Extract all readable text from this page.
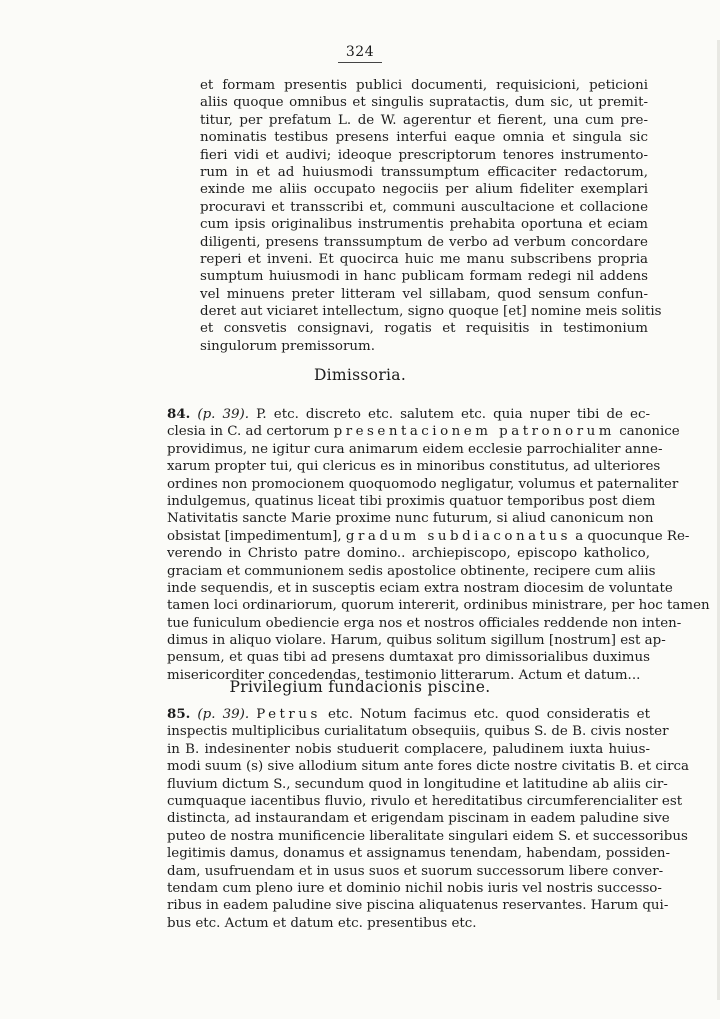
324
et formam presentis publici documenti, requisicioni, peticioni
aliis quoque omnibus et singulis supratactis, dum sic, ut premit-
titur, per prefatum L. de W. agerentur et fierent, una cum pre-
nominatis testibus presens interfui eaque omnia et singula sic
fieri vidi et audivi; ideoque prescriptorum tenores instrumento-
rum in et ad huiusmodi transsumptum efficaciter redactorum,
exinde me aliis occupato negociis per alium fideliter exemplari
procuravi et transscribi et, communi auscultacione et collacione
cum ipsis originalibus instrumentis prehabita oportuna et eciam
diligenti, presens transsumptum de verbo ad verbum concordare
reperi et inveni. Et quocirca huic me manu subscribens propria
sumptum huiusmodi in hanc publicam formam redegi nil addens
vel minuens preter litteram vel sillabam, quod sensum confun-
deret aut viciaret intellectum, signo quoque [et] nomine meis solitis
et consvetis consignavi, rogatis et requisitis in testimonium
singulorum premissorum.
Dimissoria.
84. (p. 39). P. etc. discreto etc. salutem etc. quia nuper tibi de ec-
clesia in C. ad certorum presentacionem patronorum canonice
providimus, ne igitur cura animarum eidem ecclesie parrochialiter anne-
xarum propter tui, qui clericus es in minoribus constitutus, ad ulteriores
ordines non promocionem quoquomodo negligatur, volumus et paternaliter
indulgemus, quatinus liceat tibi proximis quatuor temporibus post diem
Nativitatis sancte Marie proxime nunc futurum, si aliud canonicum non
obsistat [impedimentum], gradum subdiaconatus a quocunque Re-
verendo in Christo patre domino.. archiepiscopo, episcopo katholico,
graciam et communionem sedis apostolice obtinente, recipere cum aliis
inde sequendis, et in susceptis eciam extra nostram diocesim de voluntate
tamen loci ordinariorum, quorum intererit, ordinibus ministrare, per hoc tamen
tue funiculum obediencie erga nos et nostros officiales reddende non inten-
dimus in aliquo violare. Harum, quibus solitum sigillum [nostrum] est ap-
pensum, et quas tibi ad presens dumtaxat pro dimissorialibus duximus
misericorditer concedendas, testimonio litterarum. Actum et datum...
Privilegium fundacionis piscine.
85. (p. 39). Petrus etc. Notum facimus etc. quod consideratis et
inspectis multiplicibus curialitatum obsequiis, quibus S. de B. civis noster
in B. indesinenter nobis studuerit complacere, paludinem iuxta huius-
modi suum (s) sive allodium situm ante fores dicte nostre civitatis B. et circa
fluvium dictum S., secundum quod in longitudine et latitudine ab aliis cir-
cumquaque iacentibus fluvio, rivulo et hereditatibus circumferencialiter est
distincta, ad instaurandam et erigendam piscinam in eadem paludine sive
puteo de nostra munificencie liberalitate singulari eidem S. et successoribus
legitimis damus, donamus et assignamus tenendam, habendam, possiden-
dam, usufruendam et in usus suos et suorum successorum libere conver-
tendam cum pleno iure et dominio nichil nobis iuris vel nostris successo-
ribus in eadem paludine sive piscina aliquatenus reservantes. Harum qui-
bus etc. Actum et datum etc. presentibus etc.
